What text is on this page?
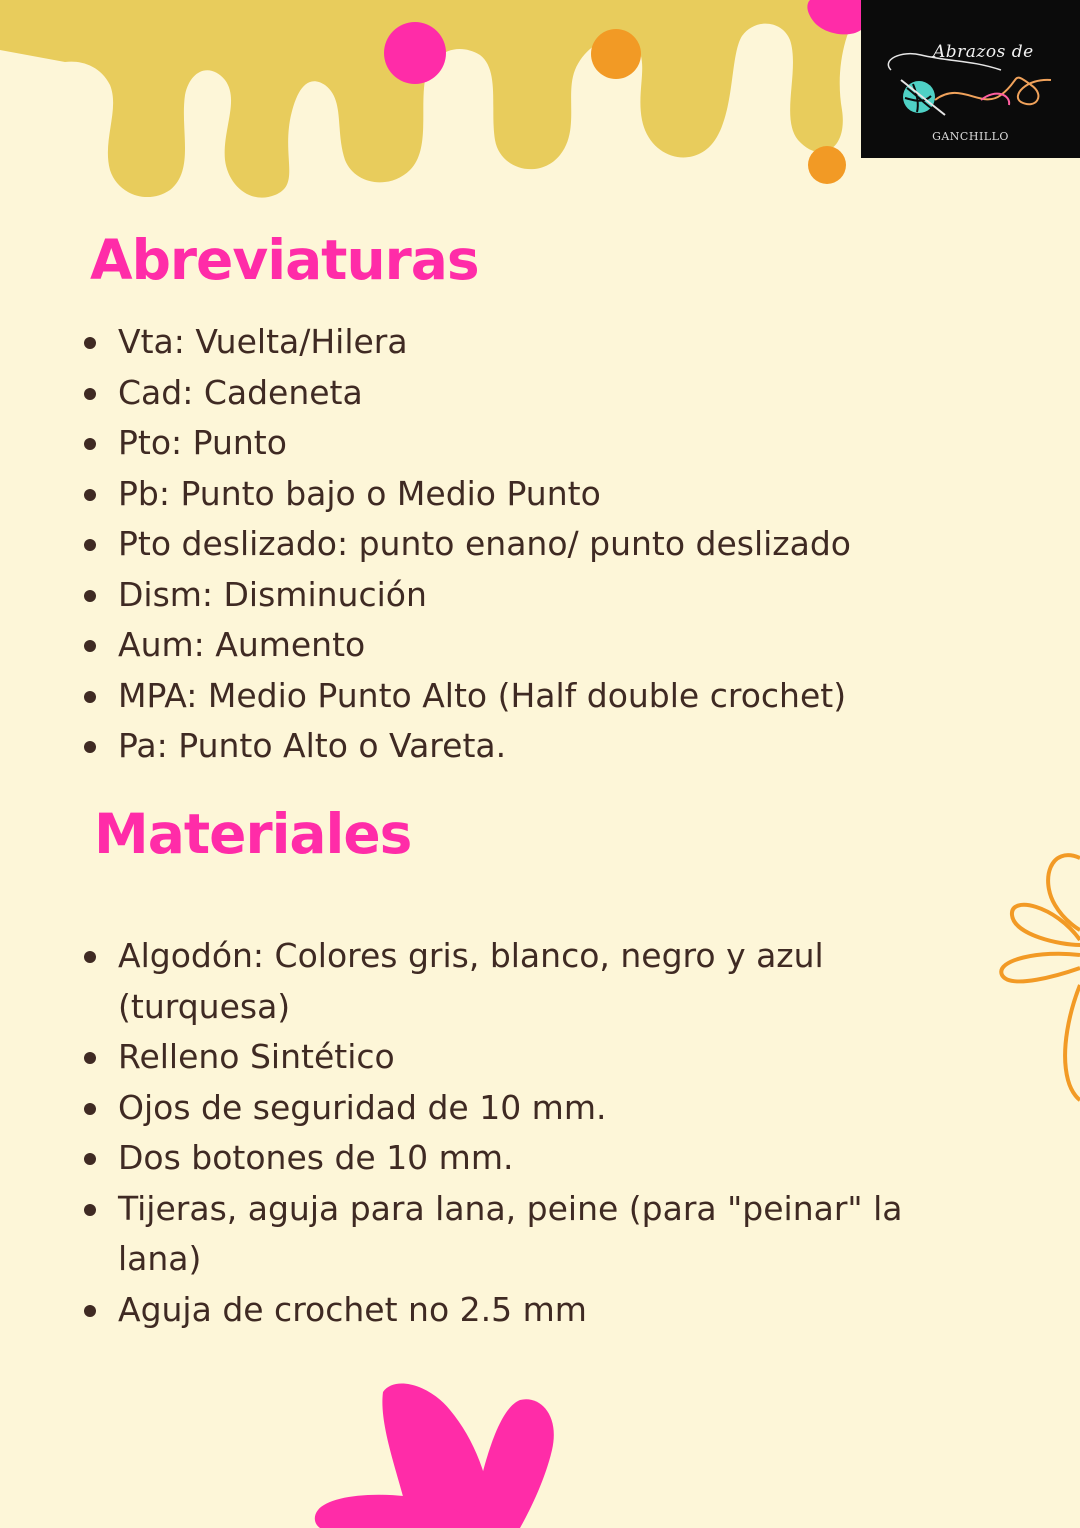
Abrazos de
GANCHILLO
Abreviaturas
Vta: Vuelta/Hilera
Cad: Cadeneta
Pto: Punto
Pb: Punto bajo o Medio Punto
Pto deslizado: punto enano/ punto deslizado
Dism: Disminución
Aum: Aumento
MPA: Medio Punto Alto (Half double crochet)
Pa: Punto Alto o Vareta.
Materiales
Algodón: Colores gris, blanco, negro y azul (turquesa)
Relleno Sintético
Ojos de seguridad de 10 mm.
Dos botones de 10 mm.
Tijeras, aguja para lana, peine (para "peinar" la lana)
Aguja de crochet no 2.5 mm
